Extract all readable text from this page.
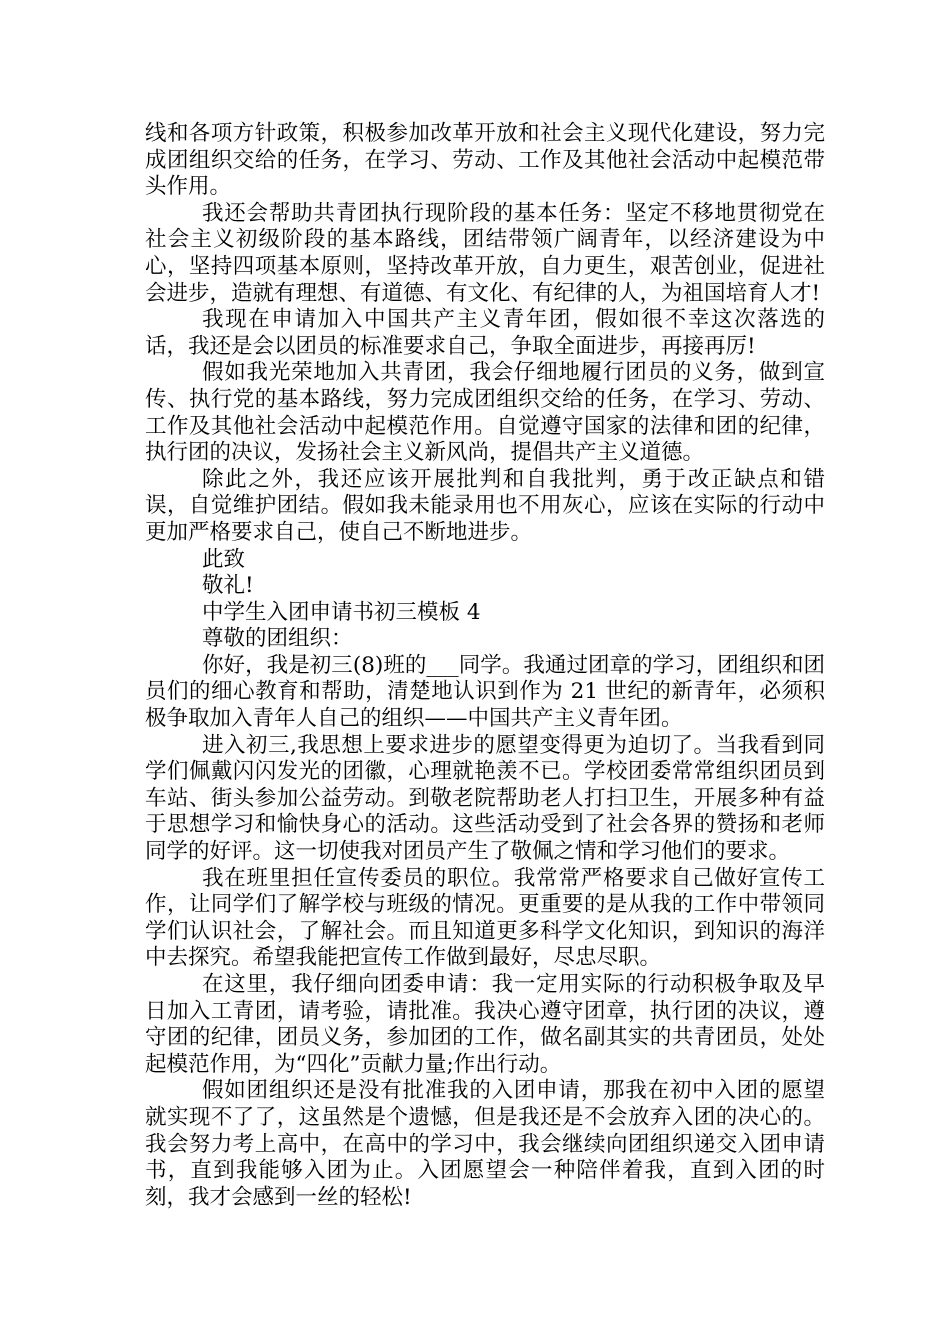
线和各项方针政策，积极参加改革开放和社会主义现代化建设，努力完成团组织交给的任务，在学习、劳动、工作及其他社会活动中起模范带头作用。

我还会帮助共青团执行现阶段的基本任务：坚定不移地贯彻党在社会主义初级阶段的基本路线，团结带领广阔青年，以经济建设为中心，坚持四项基本原则，坚持改革开放，自力更生，艰苦创业，促进社会进步，造就有理想、有道德、有文化、有纪律的人，为祖国培育人才!

我现在申请加入中国共产主义青年团，假如很不幸这次落选的话，我还是会以团员的标准要求自己，争取全面进步，再接再厉!

假如我光荣地加入共青团，我会仔细地履行团员的义务，做到宣传、执行党的基本路线，努力完成团组织交给的任务，在学习、劳动、工作及其他社会活动中起模范作用。自觉遵守国家的法律和团的纪律，执行团的决议，发扬社会主义新风尚，提倡共产主义道德。

除此之外，我还应该开展批判和自我批判，勇于改正缺点和错误，自觉维护团结。假如我未能录用也不用灰心，应该在实际的行动中更加严格要求自己，使自己不断地进步。

此致

敬礼!

中学生入团申请书初三模板 4

尊敬的团组织：

你好，我是初三(8)班的___同学。我通过团章的学习，团组织和团员们的细心教育和帮助，清楚地认识到作为 21 世纪的新青年，必须积极争取加入青年人自己的组织——中国共产主义青年团。

进入初三,我思想上要求进步的愿望变得更为迫切了。当我看到同学们佩戴闪闪发光的团徽，心理就艳羡不已。学校团委常常组织团员到车站、街头参加公益劳动。到敬老院帮助老人打扫卫生，开展多种有益于思想学习和愉快身心的活动。这些活动受到了社会各界的赞扬和老师同学的好评。这一切使我对团员产生了敬佩之情和学习他们的要求。

我在班里担任宣传委员的职位。我常常严格要求自己做好宣传工作，让同学们了解学校与班级的情况。更重要的是从我的工作中带领同学们认识社会，了解社会。而且知道更多科学文化知识，到知识的海洋中去探究。希望我能把宣传工作做到最好，尽忠尽职。

在这里，我仔细向团委申请：我一定用实际的行动积极争取及早日加入工青团，请考验，请批准。我决心遵守团章，执行团的决议，遵守团的纪律，团员义务，参加团的工作，做名副其实的共青团员，处处起模范作用，为“四化”贡献力量;作出行动。

假如团组织还是没有批准我的入团申请，那我在初中入团的愿望就实现不了了，这虽然是个遗憾，但是我还是不会放弃入团的决心的。我会努力考上高中，在高中的学习中，我会继续向团组织递交入团申请书，直到我能够入团为止。入团愿望会一种陪伴着我，直到入团的时刻，我才会感到一丝的轻松!
